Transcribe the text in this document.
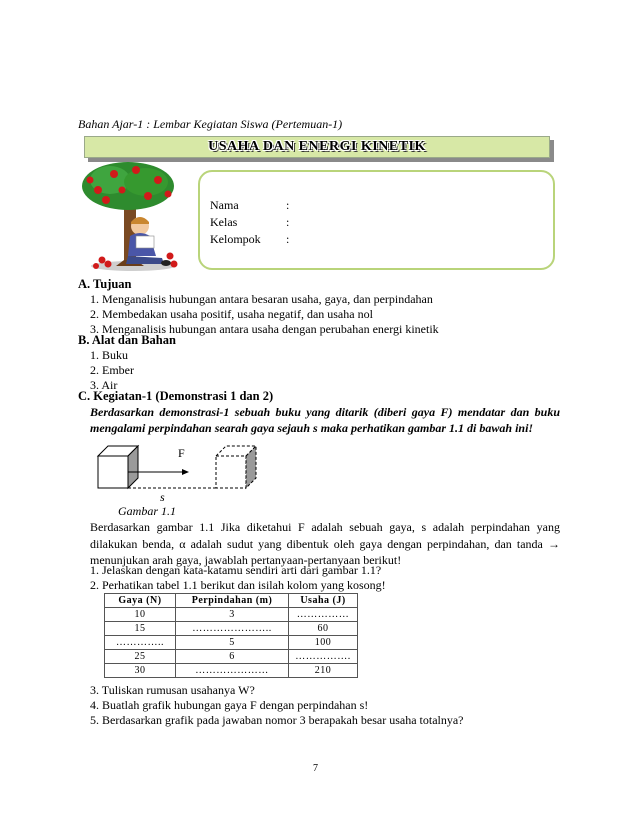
Bahan Ajar-1 : Lembar Kegiatan Siswa (Pertemuan-1)
USAHA DAN ENERGI KINETIK
Nama	:
Kelas	:
Kelompok :
A. Tujuan
1. Menganalisis hubungan antara besaran usaha, gaya, dan perpindahan
2. Membedakan usaha positif, usaha negatif, dan usaha nol
3. Menganalisis hubungan antara usaha dengan perubahan energi kinetik
B. Alat dan Bahan
1. Buku
2. Ember
3. Air
C. Kegiatan-1 (Demonstrasi 1 dan 2)
Berdasarkan demonstrasi-1 sebuah buku yang ditarik (diberi gaya F) mendatar dan buku mengalami perpindahan searah gaya sejauh s maka perhatikan gambar 1.1 di bawah ini!
F
s
Gambar 1.1
Berdasarkan gambar 1.1 Jika diketahui F adalah sebuah gaya, s adalah perpindahan yang dilakukan benda, α adalah sudut yang dibentuk oleh gaya dengan perpindahan, dan tanda → menunjukan arah gaya, jawablah pertanyaan-pertanyaan berikut!
1. Jelaskan dengan kata-katamu sendiri arti dari gambar 1.1?
2. Perhatikan tabel 1.1 berikut dan isilah kolom yang kosong!
Gaya (N)	Perpindahan (m)	Usaha (J)
10	3	……………
15	…………………..	60
…………..	5	100
25	6	…………….
30	…………………	210
3. Tuliskan rumusan usahanya W?
4. Buatlah grafik hubungan gaya F dengan perpindahan s!
5. Berdasarkan grafik pada jawaban nomor 3 berapakah besar usaha totalnya?
7
